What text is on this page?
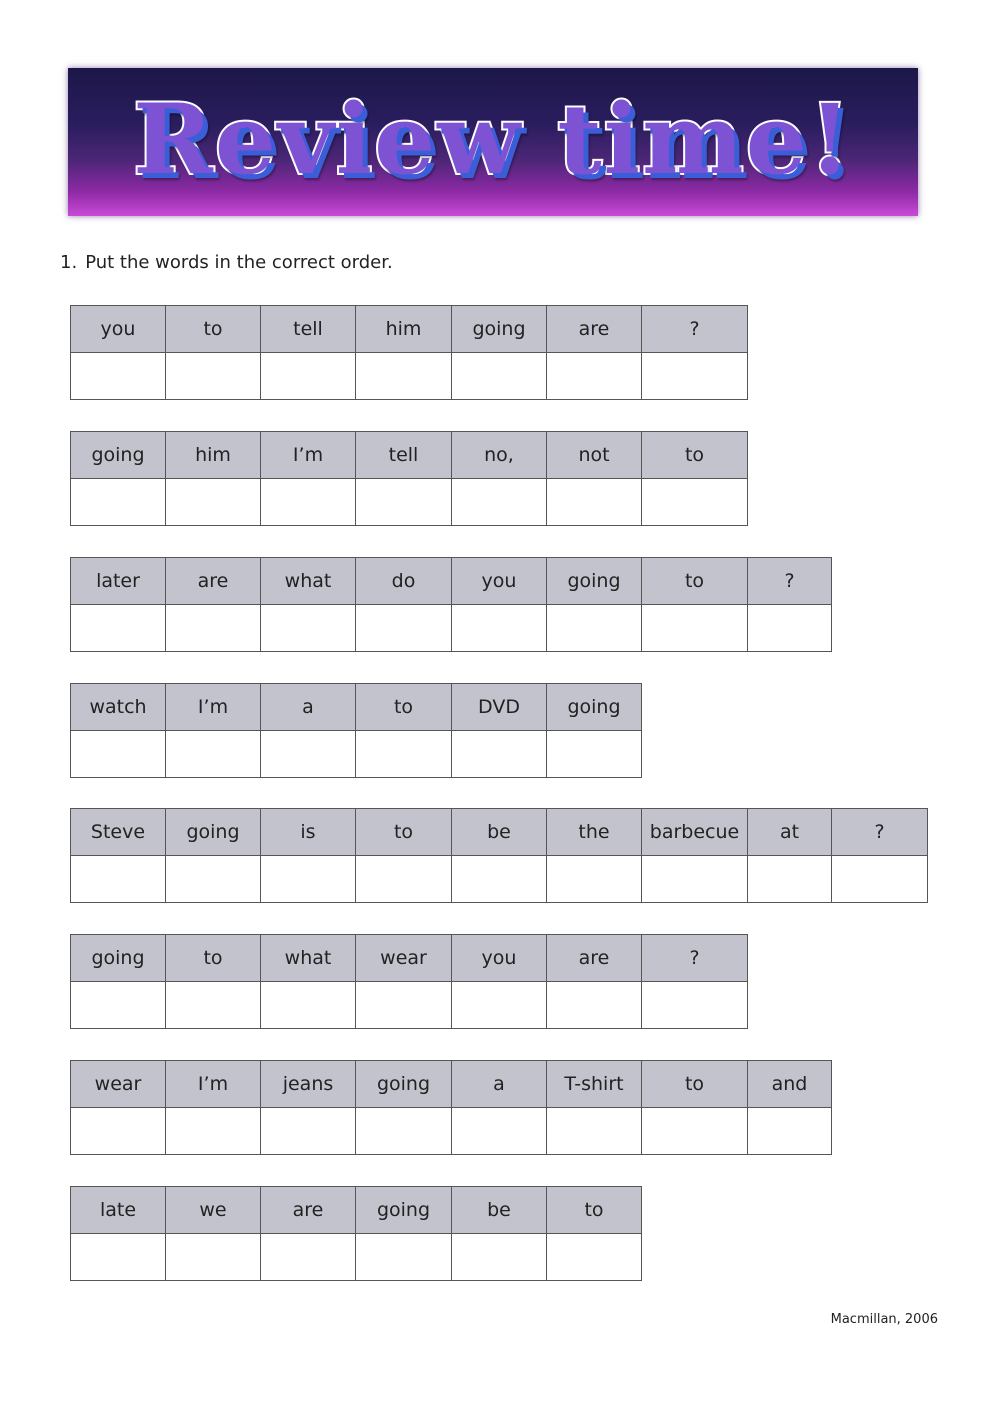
Review time!
1. Put the words in the correct order.
you	to	tell	him	going	are	?

going	him	I’m	tell	no,	not	to

later	are	what	do	you	going	to	?

watch	I’m	a	to	DVD	going

Steve	going	is	to	be	the	barbecue	at	?

going	to	what	wear	you	are	?

wear	I’m	jeans	going	a	T-shirt	to	and

late	we	are	going	be	to

Macmillan, 2006
